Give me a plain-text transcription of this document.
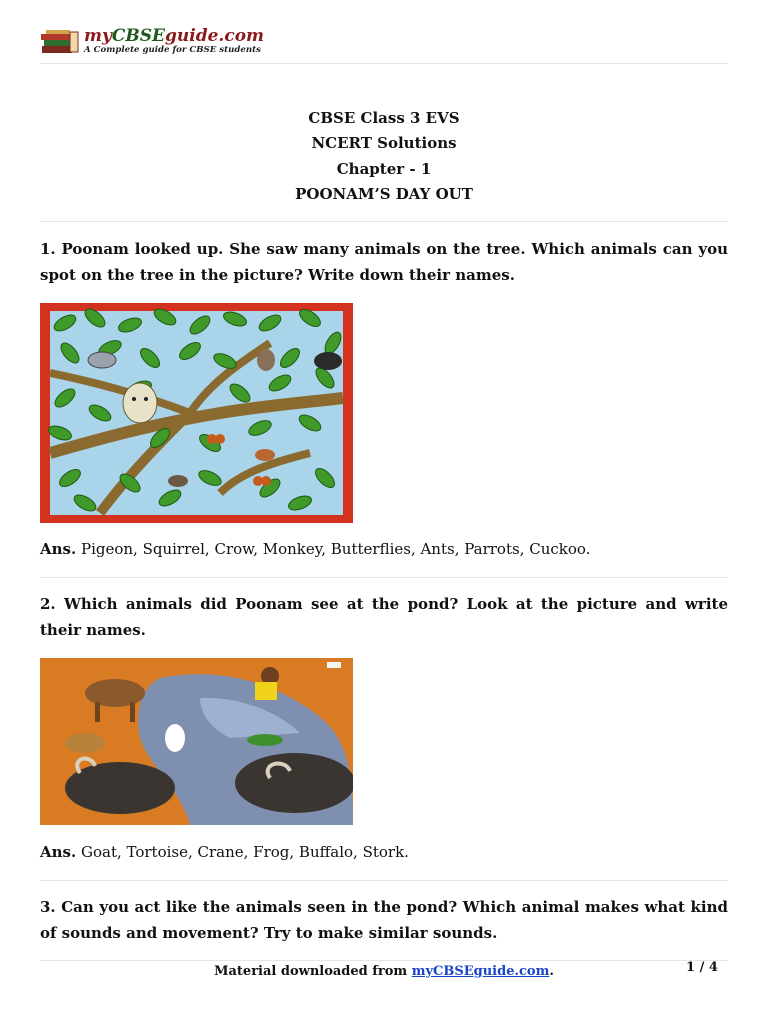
myCBSEguide.com
A Complete guide for CBSE students
CBSE Class 3 EVS
NCERT Solutions
Chapter - 1
POONAM’S DAY OUT
1. Poonam looked up. She saw many animals on the tree. Which animals can you spot on the tree in the picture? Write down their names.
Ans. Pigeon, Squirrel, Crow, Monkey, Butterflies, Ants, Parrots, Cuckoo.
2. Which animals did Poonam see at the pond? Look at the picture and write their names.
Ans. Goat, Tortoise, Crane, Frog, Buffalo, Stork.
3. Can you act like the animals seen in the pond? Which animal makes what kind of sounds and movement? Try to make similar sounds.
Material downloaded from myCBSEguide.com.	1 / 4
